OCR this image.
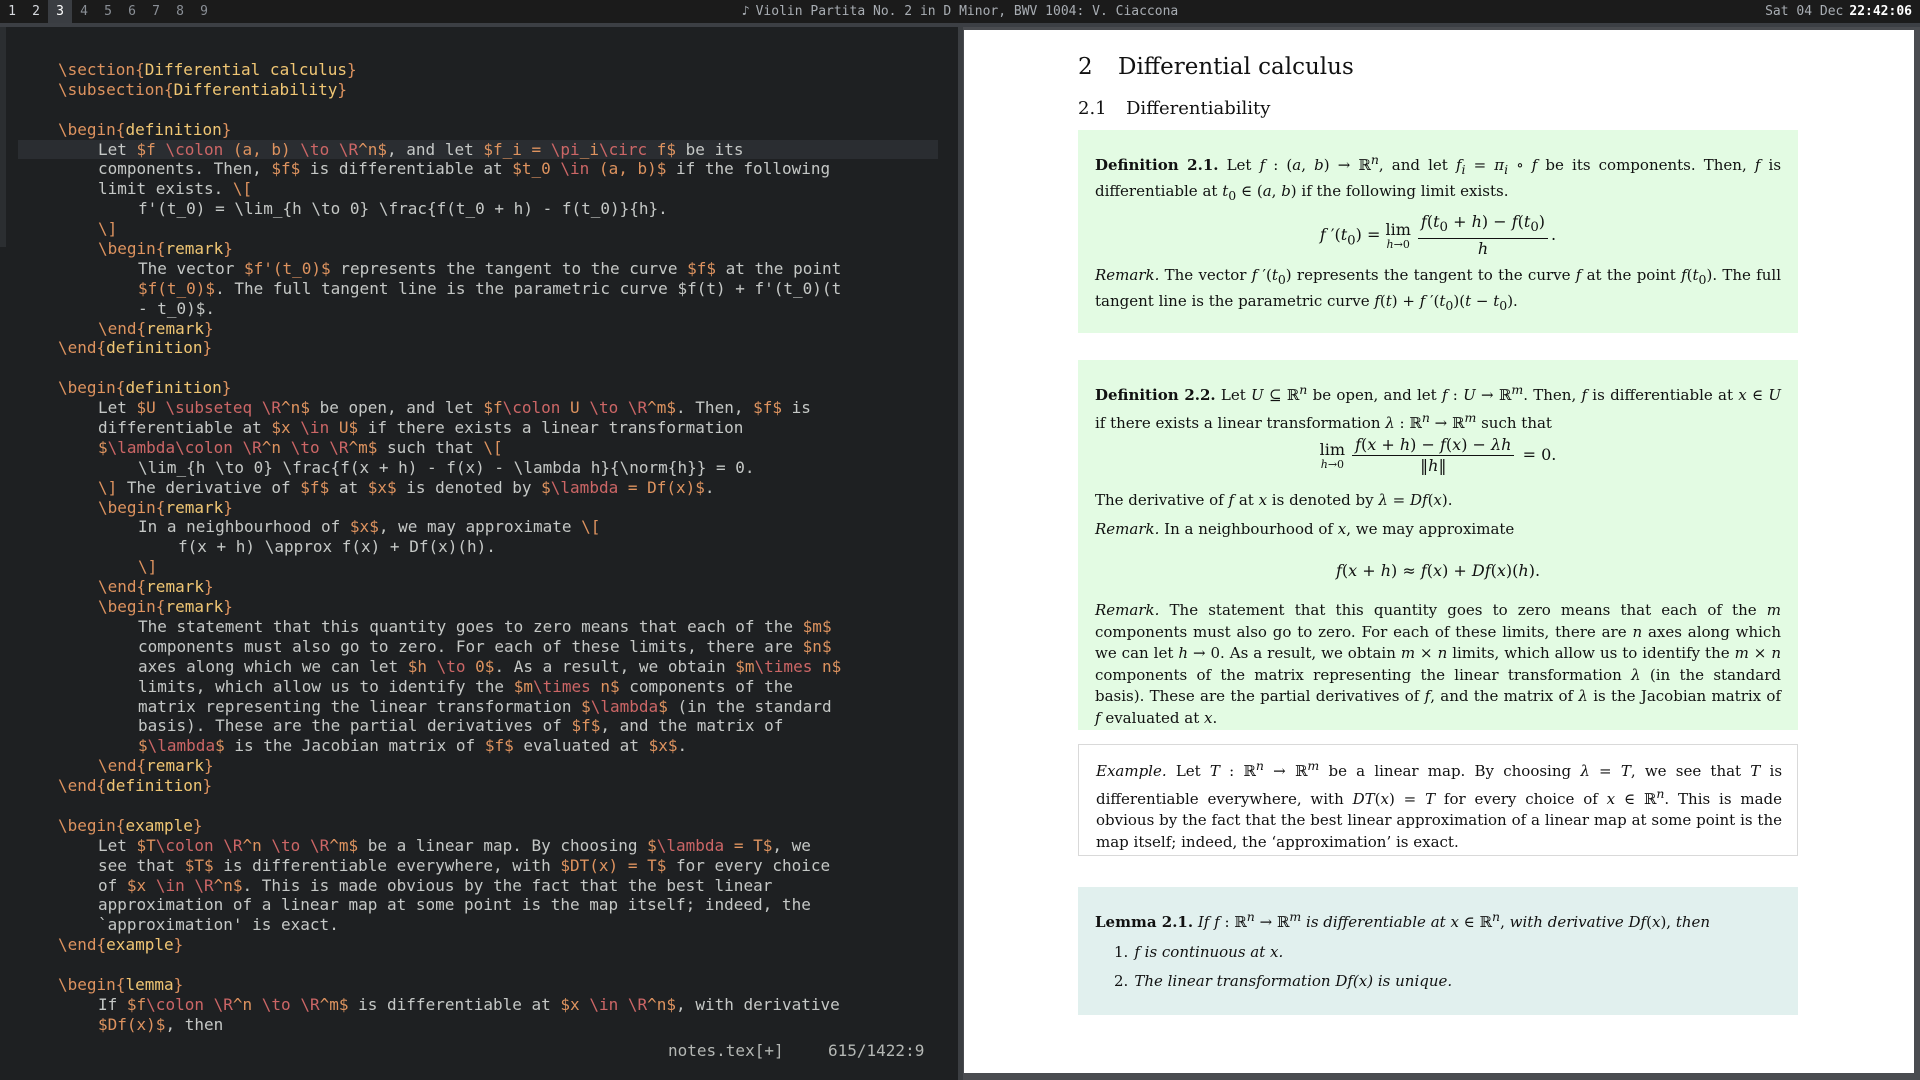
1	2	3	4	5	6	7	8	9	♪ Violin Partita No. 2 in D Minor, BWV 1004: V. Ciaccona	Sat 04 Dec 22:42:06
\section{Differential calculus}
\subsection{Differentiability}
\begin{definition}
Let $f \colon (a, b) \to \R^n$, and let $f_i = \pi_i\circ f$ be its
components. Then, $f$ is differentiable at $t_0 \in (a, b)$ if the following
limit exists. \[
f'(t_0) = \lim_{h \to 0} \frac{f(t_0 + h) - f(t_0)}{h}.
\]
\begin{remark}
The vector $f'(t_0)$ represents the tangent to the curve $f$ at the point
$f(t_0)$. The full tangent line is the parametric curve $f(t) + f'(t_0)(t
- t_0)$.
\end{remark}
\end{definition}
\begin{definition}
Let $U \subseteq \R^n$ be open, and let $f\colon U \to \R^m$. Then, $f$ is
differentiable at $x \in U$ if there exists a linear transformation
$\lambda\colon \R^n \to \R^m$ such that \[
\lim_{h \to 0} \frac{f(x + h) - f(x) - \lambda h}{\norm{h}} = 0.
\] The derivative of $f$ at $x$ is denoted by $\lambda = Df(x)$.
\begin{remark}
In a neighbourhood of $x$, we may approximate \[
f(x + h) \approx f(x) + Df(x)(h).
\]
\end{remark}
\begin{remark}
The statement that this quantity goes to zero means that each of the $m$
components must also go to zero. For each of these limits, there are $n$
axes along which we can let $h \to 0$. As a result, we obtain $m\times n$
limits, which allow us to identify the $m\times n$ components of the
matrix representing the linear transformation $\lambda$ (in the standard
basis). These are the partial derivatives of $f$, and the matrix of
$\lambda$ is the Jacobian matrix of $f$ evaluated at $x$.
\end{remark}
\end{definition}
\begin{example}
Let $T\colon \R^n \to \R^m$ be a linear map. By choosing $\lambda = T$, we
see that $T$ is differentiable everywhere, with $DT(x) = T$ for every choice
of $x \in \R^n$. This is made obvious by the fact that the best linear
approximation of a linear map at some point is the map itself; indeed, the
`approximation' is exact.
\end{example}
\begin{lemma}
If $f\colon \R^n \to \R^m$ is differentiable at $x \in \R^n$, with derivative
$Df(x)$, then
notes.tex[+]	615/1422:9
2 Differential calculus
2.1 Differentiability
Definition 2.1. Let f : (a, b) → ℝ$^n$, and let $f_i = \pi_i$ ∘ f be its components. Then, f is differentiable at $t_0$ ∈ (a, b) if the following limit exists.
f $'(t_0) = \lim$
$h\to 0 \frac{f(t_0 + h) - f(t_0)}{h}$ .
Remark. The vector f $'(t_0)$ represents the tangent to the curve f at the point $f(t_0)$. The full tangent line is the parametric curve f(t) + f $'(t_0)(t - t_0)$.
Definition 2.2. Let U ⊆ ℝ$^n$ be open, and let f : U → ℝ$^m$. Then, f is differentiable at x ∈ U if there exists a linear transformation λ : ℝ$^n$ → ℝ$^m$ such that
lim
$h\to 0 \frac{f(x + h) - f(x) - \lambda h}{‖h‖} = 0$.
The derivative of f at x is denoted by λ = Df(x).
Remark. In a neighbourhood of x, we may approximate
f(x + h) ≈ f(x) + Df(x)(h).
Remark. The statement that this quantity goes to zero means that each of the m components must also go to zero. For each of these limits, there are n axes along which we can let h → 0. As a result, we obtain m × n limits, which allow us to identify the m × n components of the matrix representing the linear transformation λ (in the standard basis). These are the partial derivatives of f, and the matrix of λ is the Jacobian matrix of f evaluated at x.
Example. Let T : ℝ$^n$ → ℝ$^m$ be a linear map. By choosing λ = T, we see that T is differentiable everywhere, with DT(x) = T for every choice of x ∈ ℝ$^n$. This is made obvious by the fact that the best linear approximation of a linear map at some point is the map itself; indeed, the ‘approximation’ is exact.
Lemma 2.1. If f : ℝ$^n$ → ℝ$^m$ is differentiable at x ∈ ℝ$^n$, with derivative Df(x), then
1. f is continuous at x.
2. The linear transformation Df(x) is unique.
